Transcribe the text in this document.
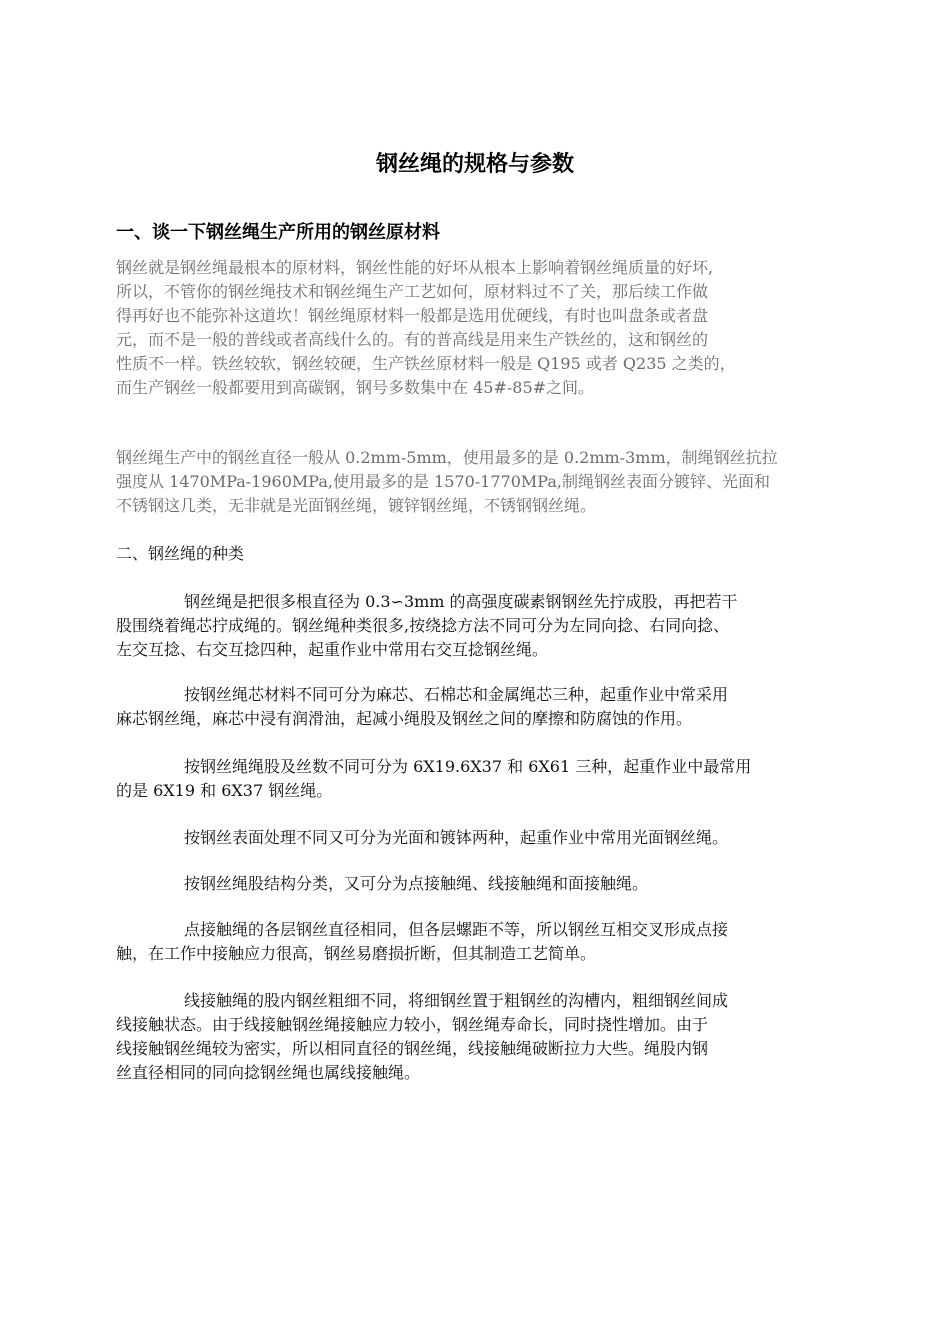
钢丝绳的规格与参数
一、谈一下钢丝绳生产所用的钢丝原材料

钢丝就是钢丝绳最根本的原材料，钢丝性能的好坏从根本上影响着钢丝绳质量的好坏,
所以，不管你的钢丝绳技术和钢丝绳生产工艺如何，原材料过不了关，那后续工作做
得再好也不能弥补这道坎！钢丝绳原材料一般都是选用优硬线，有时也叫盘条或者盘
元，而不是一般的普线或者高线什么的。有的普高线是用来生产铁丝的，这和钢丝的
性质不一样。铁丝较软，钢丝较硬，生产铁丝原材料一般是 Q195 或者 Q235 之类的，
而生产钢丝一般都要用到高碳钢，钢号多数集中在 45#-85#之间。

钢丝绳生产中的钢丝直径一般从 0.2mm-5mm，使用最多的是 0.2mm-3mm，制绳钢丝抗拉
强度从 1470MPa-1960MPa,使用最多的是 1570-1770MPa,制绳钢丝表面分镀锌、光面和
不锈钢这几类，无非就是光面钢丝绳，镀锌钢丝绳，不锈钢钢丝绳。

二、钢丝绳的种类

钢丝绳是把很多根直径为 0.3∽3mm 的高强度碳素钢钢丝先拧成股，再把若干
股围绕着绳芯拧成绳的。钢丝绳种类很多,按绕捻方法不同可分为左同向捻、右同向捻、
左交互捻、右交互捻四种，起重作业中常用右交互捻钢丝绳。

按钢丝绳芯材料不同可分为麻芯、石棉芯和金属绳芯三种，起重作业中常采用
麻芯钢丝绳，麻芯中浸有润滑油，起减小绳股及钢丝之间的摩擦和防腐蚀的作用。

按钢丝绳绳股及丝数不同可分为 6X19.6X37 和 6X61 三种，起重作业中最常用
的是 6X19 和 6X37 钢丝绳。

按钢丝表面处理不同又可分为光面和镀钵两种，起重作业中常用光面钢丝绳。

按钢丝绳股结构分类，又可分为点接触绳、线接触绳和面接触绳。

点接触绳的各层钢丝直径相同，但各层螺距不等，所以钢丝互相交叉形成点接
触，在工作中接触应力很高，钢丝易磨损折断，但其制造工艺简单。

线接触绳的股内钢丝粗细不同，将细钢丝置于粗钢丝的沟槽内，粗细钢丝间成
线接触状态。由于线接触钢丝绳接触应力较小，钢丝绳寿命长，同时挠性增加。由于
线接触钢丝绳较为密实，所以相同直径的钢丝绳，线接触绳破断拉力大些。绳股内钢
丝直径相同的同向捻钢丝绳也属线接触绳。
